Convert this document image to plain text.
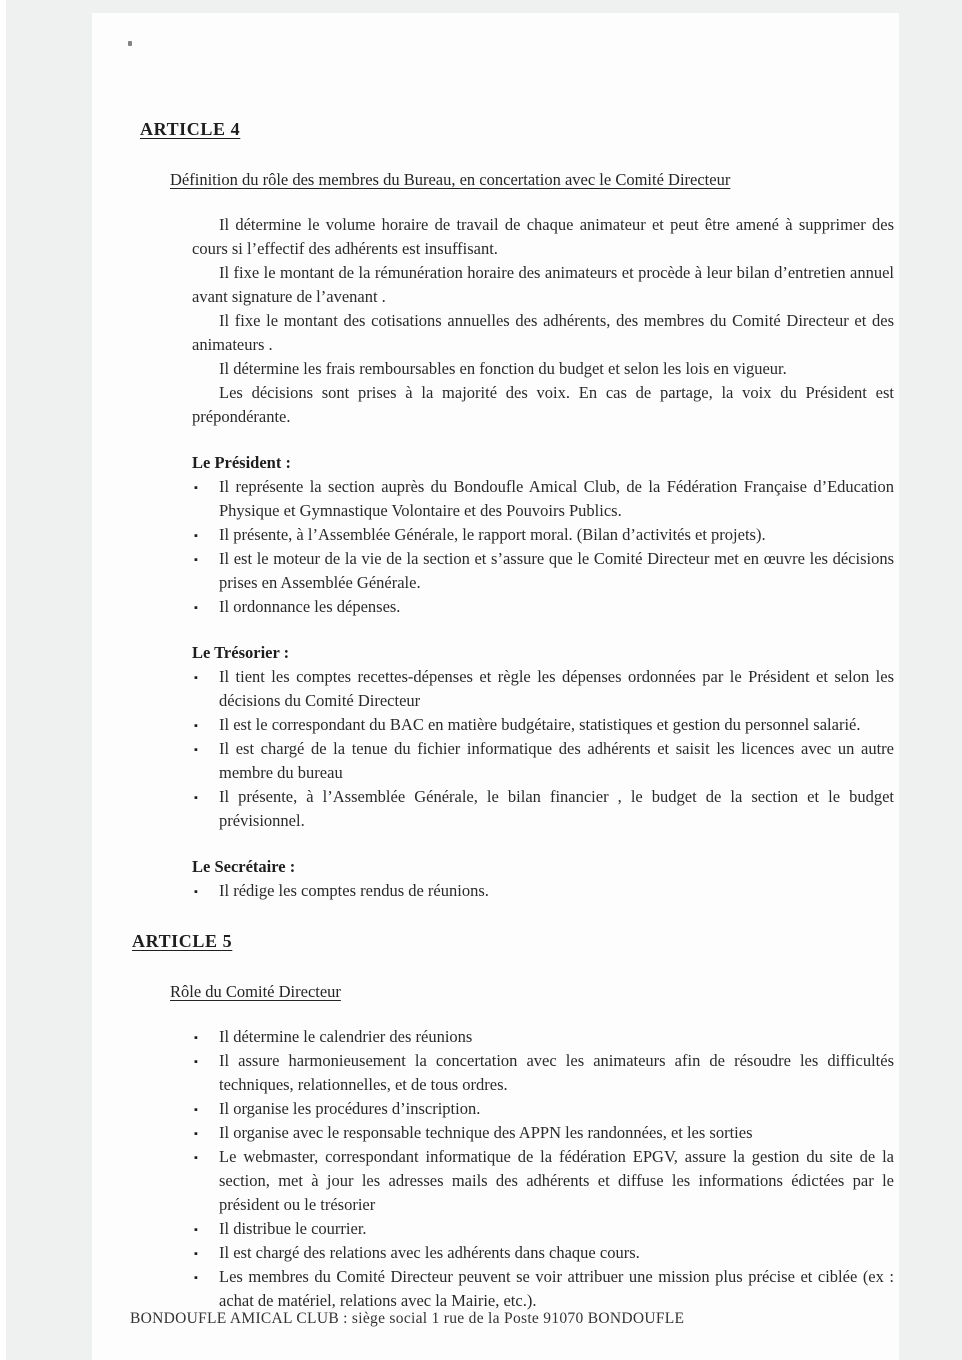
ARTICLE 4
Définition du rôle des membres du Bureau, en concertation avec le Comité Directeur

Il détermine le volume horaire de travail de chaque animateur et peut être amené à supprimer des cours si l’effectif des adhérents est insuffisant.

Il fixe le montant de la rémunération horaire des animateurs et procède à leur bilan d’entretien annuel avant signature de l’avenant .

Il fixe le montant des cotisations annuelles des adhérents, des membres du Comité Directeur et des animateurs .

Il détermine les frais remboursables en fonction du budget et selon les lois en vigueur.

Les décisions sont prises à la majorité des voix. En cas de partage, la voix du Président est prépondérante.

Le Président :
▪ Il représente la section auprès du Bondoufle Amical Club, de la Fédération Française d’Education Physique et Gymnastique Volontaire et des Pouvoirs Publics.
▪ Il présente, à l’Assemblée Générale, le rapport moral. (Bilan d’activités et projets).
▪ Il est le moteur de la vie de la section et s’assure que le Comité Directeur met en œuvre les décisions prises en Assemblée Générale.
▪ Il ordonnance les dépenses.
Le Trésorier :
▪ Il tient les comptes recettes-dépenses et règle les dépenses ordonnées par le Président et selon les décisions du Comité Directeur
▪ Il est le correspondant du BAC en matière budgétaire, statistiques et gestion du personnel salarié.
▪ Il est chargé de la tenue du fichier informatique des adhérents et saisit les licences avec un autre membre du bureau
▪ Il présente, à l’Assemblée Générale, le bilan financier , le budget de la section et le budget prévisionnel.
Le Secrétaire :
▪ Il rédige les comptes rendus de réunions.
ARTICLE 5
Rôle du Comité Directeur
▪ Il détermine le calendrier des réunions
▪ Il assure harmonieusement la concertation avec les animateurs afin de résoudre les difficultés techniques, relationnelles, et de tous ordres.
▪ Il organise les procédures d’inscription.
▪ Il organise avec le responsable technique des APPN les randonnées, et les sorties
▪ Le webmaster, correspondant informatique de la fédération EPGV, assure la gestion du site de la section, met à jour les adresses mails des adhérents et diffuse les informations édictées par le président ou le trésorier
▪ Il distribue le courrier.
▪ Il est chargé des relations avec les adhérents dans chaque cours.
▪ Les membres du Comité Directeur peuvent se voir attribuer une mission plus précise et ciblée (ex : achat de matériel, relations avec la Mairie, etc.).
BONDOUFLE AMICAL CLUB : siège social 1 rue de la Poste 91070 BONDOUFLE
